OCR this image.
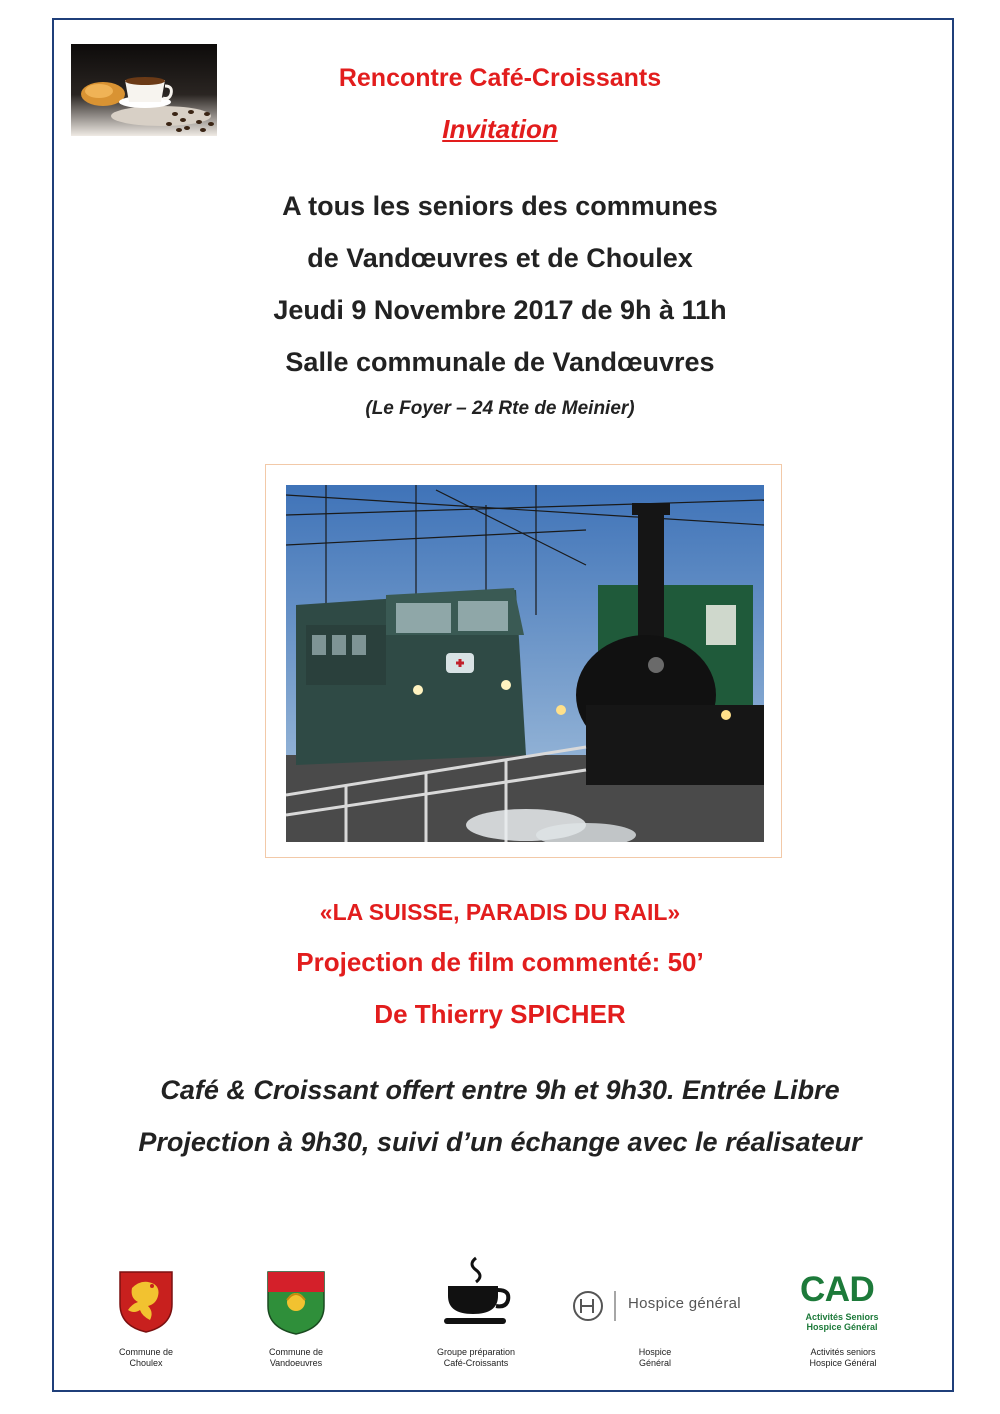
Rencontre Café-Croissants
Invitation
A tous les seniors des communes
de Vandœuvres et de Choulex
Jeudi 9 Novembre 2017 de 9h à 11h
Salle communale de Vandœuvres
(Le Foyer – 24 Rte de Meinier)
«LA SUISSE, PARADIS DU RAIL»
Projection de film commenté: 50’
De Thierry SPICHER
Café & Croissant offert entre 9h et 9h30. Entrée Libre
Projection à 9h30, suivi d’un échange avec le réalisateur
Commune de
Choulex
Commune de
Vandoeuvres
Groupe préparation
Café-Croissants
Hospice général
Hospice
Général
CAD
Activités Seniors
Hospice Général
Activités seniors
Hospice Général
